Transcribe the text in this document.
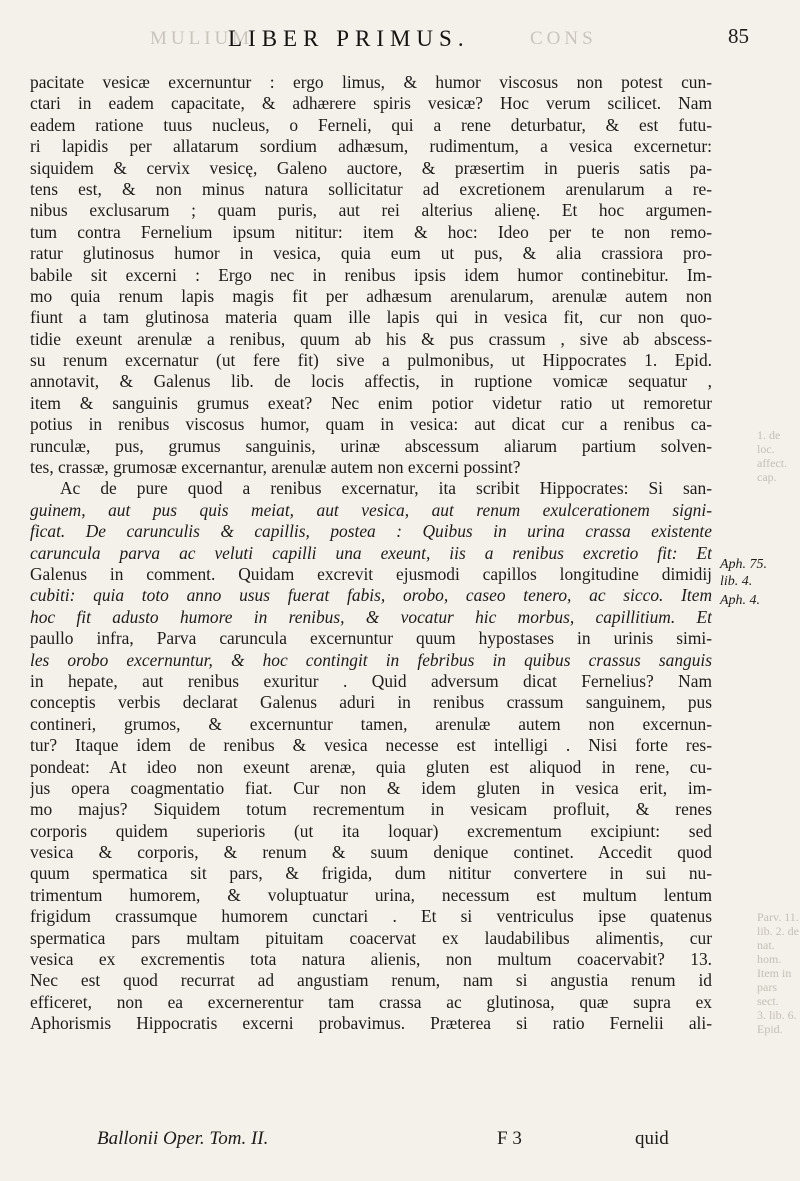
MULIUM
LIBER PRIMUS.	CONS	85
pacitate vesicæ excernuntur : ergo limus, & humor viscosus non potest cun-
ctari in eadem capacitate, & adhærere spiris vesicæ? Hoc verum scilicet. Nam
eadem ratione tuus nucleus, o Ferneli, qui a rene deturbatur, & est futu-
ri lapidis per allatarum sordium adhæsum, rudimentum, a vesica excernetur:
siquidem & cervix vesicę, Galeno auctore, & præsertim in pueris satis pa-
tens est, & non minus natura sollicitatur ad excretionem arenularum a re-
nibus exclusarum ; quam puris, aut rei alterius alienę. Et hoc argumen-
tum contra Fernelium ipsum nititur: item & hoc: Ideo per te non remo-
ratur glutinosus humor in vesica, quia eum ut pus, & alia crassiora pro-
babile sit excerni : Ergo nec in renibus ipsis idem humor continebitur. Im-
mo quia renum lapis magis fit per adhæsum arenularum, arenulæ autem non
fiunt a tam glutinosa materia quam ille lapis qui in vesica fit, cur non quo-
tidie exeunt arenulæ a renibus, quum ab his & pus crassum , sive ab abscess-
su renum excernatur (ut fere fit) sive a pulmonibus, ut Hippocrates 1. Epid.
annotavit, & Galenus lib. de locis affectis, in ruptione vomicæ sequatur ,
item & sanguinis grumus exeat? Nec enim potior videtur ratio ut remoretur
potius in renibus viscosus humor, quam in vesica: aut dicat cur a renibus ca-
runculæ, pus, grumus sanguinis, urinæ abscessum aliarum partium solven-
tes, crassæ, grumosæ excernantur, arenulæ autem non excerni possint?
Ac de pure quod a renibus excernatur, ita scribit Hippocrates: Si san-
guinem, aut pus quis meiat, aut vesica, aut renum exulcerationem signi-
ficat. De carunculis & capillis, postea : Quibus in urina crassa existente
caruncula parva ac veluti capilli una exeunt, iis a renibus excretio fit: Et
Galenus in comment. Quidam excrevit ejusmodi capillos longitudine dimidij
cubiti: quia toto anno usus fuerat fabis, orobo, caseo tenero, ac sicco. Item
hoc fit adusto humore in renibus, & vocatur hic morbus, capillitium. Et
paullo infra, Parva caruncula excernuntur quum hypostases in urinis simi-
les orobo excernuntur, & hoc contingit in febribus in quibus crassus sanguis
in hepate, aut renibus exuritur . Quid adversum dicat Fernelius? Nam
conceptis verbis declarat Galenus aduri in renibus crassum sanguinem, pus
contineri, grumos, & excernuntur tamen, arenulæ autem non excernun-
tur? Itaque idem de renibus & vesica necesse est intelligi . Nisi forte res-
pondeat: At ideo non exeunt arenæ, quia gluten est aliquod in rene, cu-
jus opera coagmentatio fiat. Cur non & idem gluten in vesica erit, im-
mo majus? Siquidem totum recrementum in vesicam profluit, & renes
corporis quidem superioris (ut ita loquar) excrementum excipiunt: sed
vesica & corporis, & renum & suum denique continet. Accedit quod
quum spermatica sit pars, & frigida, dum nititur convertere in sui nu-
trimentum humorem, & voluptuatur urina, necessum est multum lentum
frigidum crassumque humorem cunctari . Et si ventriculus ipse quatenus
spermatica pars multam pituitam coacervat ex laudabilibus alimentis, cur
vesica ex excrementis tota natura alienis, non multum coacervabit? 13.
Nec est quod recurrat ad angustiam renum, nam si angustia renum id
efficeret, non ea excernerentur tam crassa ac glutinosa, quæ supra ex
Aphorismis Hippocratis excerni probavimus. Præterea si ratio Fernelii ali-
Aph. 75.
lib. 4.
Aph. 4.
1. de loc.
affect.
cap.
Parv. 11.
lib. 2. de
nat. hom.
Item in
pars sect.
3. lib. 6.
Epid.
Ballonii Oper. Tom. II.	F 3	quid
